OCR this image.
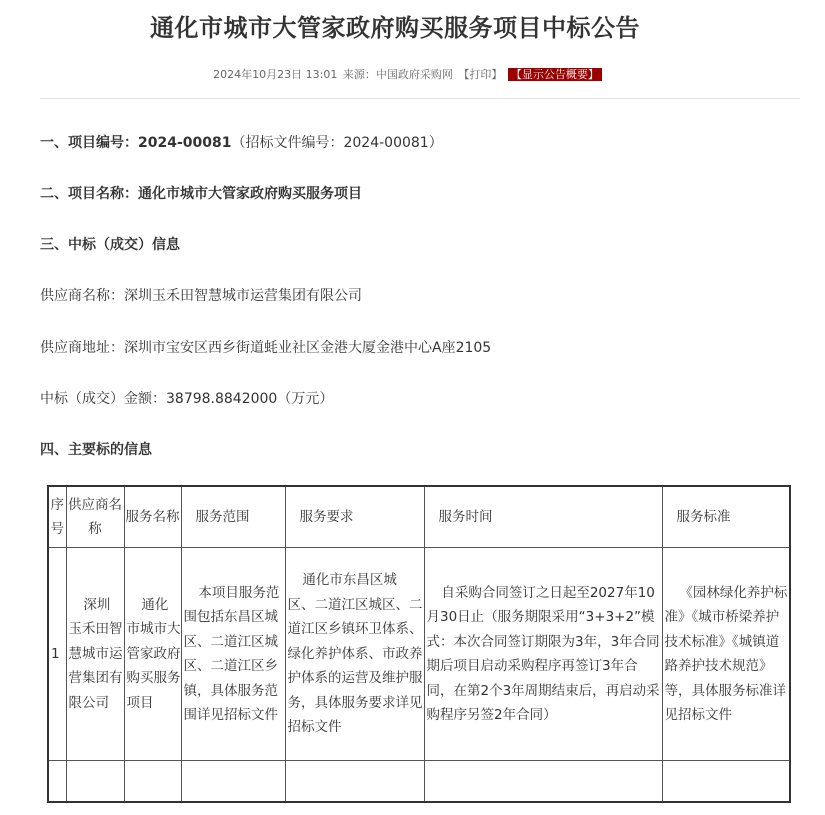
通化市城市大管家政府购买服务项目中标公告
2024年10月23日 13:01 来源：中国政府采购网 【打印】 【显示公告概要】
一、项目编号：2024-00081（招标文件编号：2024-00081）
二、项目名称：通化市城市大管家政府购买服务项目
三、中标（成交）信息
供应商名称：深圳玉禾田智慧城市运营集团有限公司
供应商地址：深圳市宝安区西乡街道蚝业社区金港大厦金港中心A座2105
中标（成交）金额：38798.8842000（万元）
四、主要标的信息
序号	供应商名称	服务名称	服务范围	服务要求	服务时间	服务标准
1	深圳玉禾田智慧城市运营集团有限公司	通化市城市大管家政府购买服务项目	本项目服务范围包括东昌区城区、二道江区城区、二道江区乡镇，具体服务范围详见招标文件	通化市东昌区城区、二道江区城区、二道江区乡镇环卫体系、绿化养护体系、市政养护体系的运营及维护服务，具体服务要求详见招标文件	自采购合同签订之日起至2027年10月30日止（服务期限采用“3+3+2”模式：本次合同签订期限为3年，3年合同期后项目启动采购程序再签订3年合同，在第2个3年周期结束后，再启动采购程序另签2年合同）	《园林绿化养护标准》《城市桥梁养护技术标准》《城镇道路养护技术规范》等，具体服务标准详见招标文件
